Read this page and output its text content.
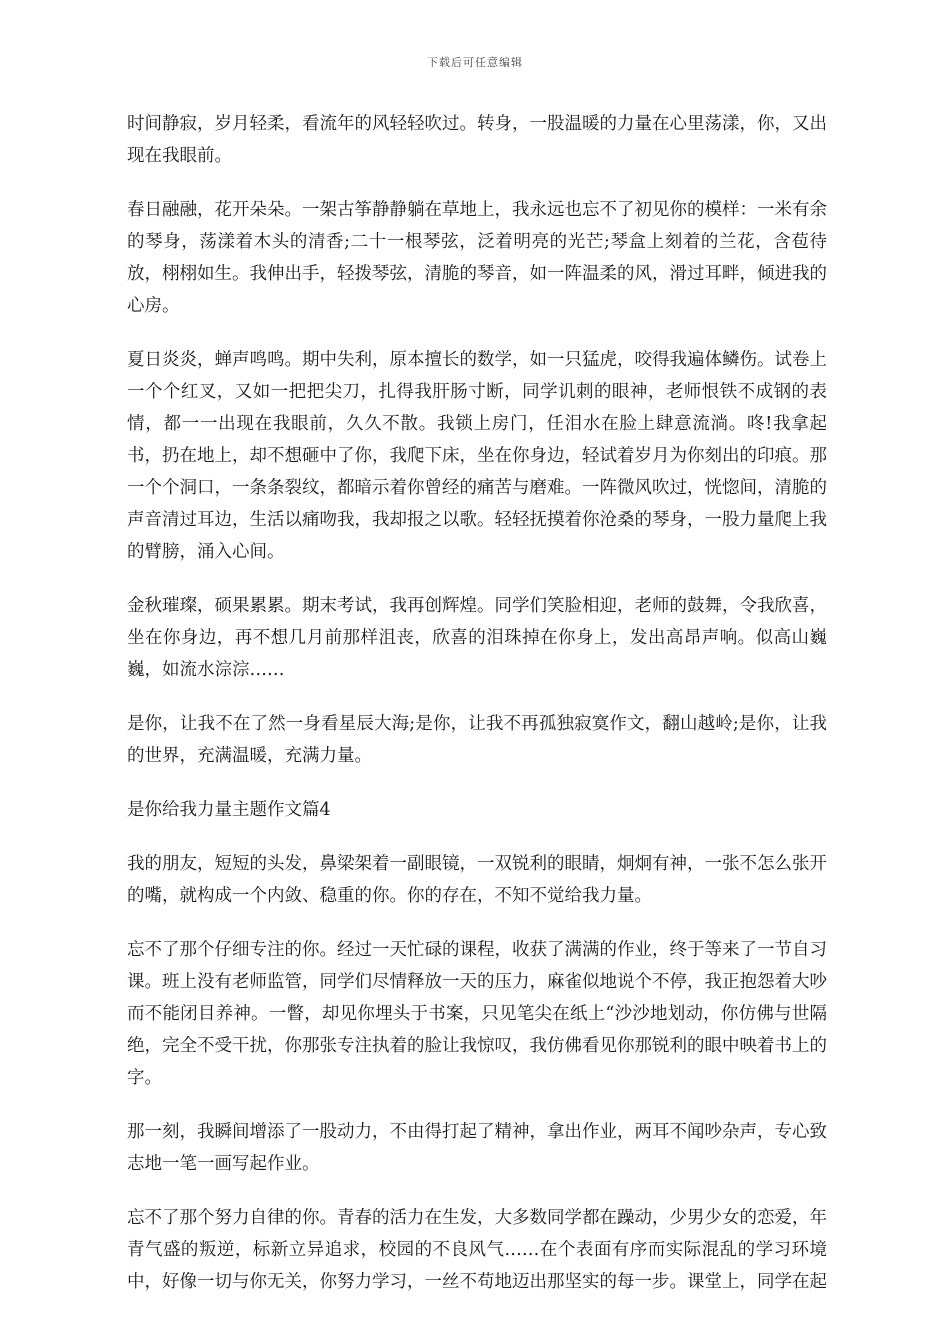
下载后可任意编辑

时间静寂，岁月轻柔，看流年的风轻轻吹过。转身，一股温暖的力量在心里荡漾，你，又出现在我眼前。

春日融融，花开朵朵。一架古筝静静躺在草地上，我永远也忘不了初见你的模样：一米有余的琴身，荡漾着木头的清香;二十一根琴弦，泛着明亮的光芒;琴盒上刻着的兰花，含苞待放，栩栩如生。我伸出手，轻拨琴弦，清脆的琴音，如一阵温柔的风，滑过耳畔，倾进我的心房。

夏日炎炎，蝉声鸣鸣。期中失利，原本擅长的数学，如一只猛虎，咬得我遍体鳞伤。试卷上一个个红叉，又如一把把尖刀，扎得我肝肠寸断，同学讥刺的眼神，老师恨铁不成钢的表情，都一一出现在我眼前，久久不散。我锁上房门，任泪水在脸上肆意流淌。咚!我拿起书，扔在地上，却不想砸中了你，我爬下床，坐在你身边，轻试着岁月为你刻出的印痕。那一个个洞口，一条条裂纹，都暗示着你曾经的痛苦与磨难。一阵微风吹过，恍惚间，清脆的声音清过耳边，生活以痛吻我，我却报之以歌。轻轻抚摸着你沧桑的琴身，一股力量爬上我的臂膀，涌入心间。

金秋璀璨，硕果累累。期末考试，我再创辉煌。同学们笑脸相迎，老师的鼓舞，令我欣喜，坐在你身边，再不想几月前那样沮丧，欣喜的泪珠掉在你身上，发出高昂声响。似高山巍巍，如流水淙淙……

是你，让我不在了然一身看星辰大海;是你，让我不再孤独寂寞作文，翻山越岭;是你，让我的世界，充满温暖，充满力量。

是你给我力量主题作文篇4

我的朋友，短短的头发，鼻梁架着一副眼镜，一双锐利的眼睛，炯炯有神，一张不怎么张开的嘴，就构成一个内敛、稳重的你。你的存在，不知不觉给我力量。

忘不了那个仔细专注的你。经过一天忙碌的课程，收获了满满的作业，终于等来了一节自习课。班上没有老师监管，同学们尽情释放一天的压力，麻雀似地说个不停，我正抱怨着大吵而不能闭目养神。一瞥，却见你埋头于书案，只见笔尖在纸上“沙沙地划动，你仿佛与世隔绝，完全不受干扰，你那张专注执着的脸让我惊叹，我仿佛看见你那锐利的眼中映着书上的字。

那一刻，我瞬间增添了一股动力，不由得打起了精神，拿出作业，两耳不闻吵杂声，专心致志地一笔一画写起作业。

忘不了那个努力自律的你。青春的活力在生发，大多数同学都在躁动，少男少女的恋爱，年青气盛的叛逆，标新立异追求，校园的不良风气……在个表面有序而实际混乱的学习环境中，好像一切与你无关，你努力学习，一丝不苟地迈出那坚实的每一步。课堂上，同学在起
